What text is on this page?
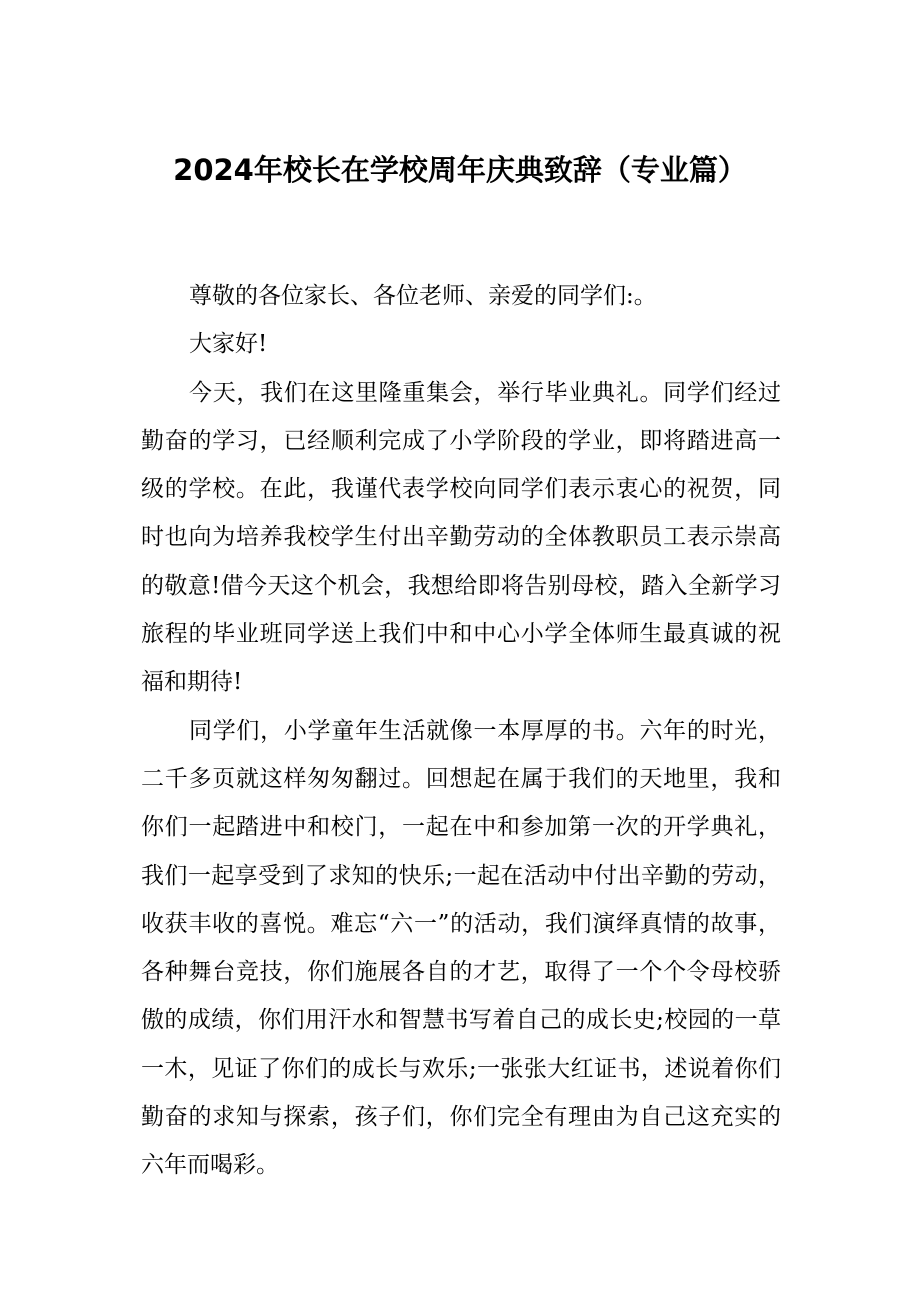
2024年校长在学校周年庆典致辞（专业篇）

尊敬的各位家长、各位老师、亲爱的同学们:。

大家好!

今天，我们在这里隆重集会，举行毕业典礼。同学们经过勤奋的学习，已经顺利完成了小学阶段的学业，即将踏进高一级的学校。在此，我谨代表学校向同学们表示衷心的祝贺，同时也向为培养我校学生付出辛勤劳动的全体教职员工表示崇高的敬意!借今天这个机会，我想给即将告别母校，踏入全新学习旅程的毕业班同学送上我们中和中心小学全体师生最真诚的祝福和期待!

同学们，小学童年生活就像一本厚厚的书。六年的时光，二千多页就这样匆匆翻过。回想起在属于我们的天地里，我和你们一起踏进中和校门，一起在中和参加第一次的开学典礼，我们一起享受到了求知的快乐;一起在活动中付出辛勤的劳动，收获丰收的喜悦。难忘“六一”的活动，我们演绎真情的故事，各种舞台竞技，你们施展各自的才艺，取得了一个个令母校骄傲的成绩，你们用汗水和智慧书写着自己的成长史;校园的一草一木，见证了你们的成长与欢乐;一张张大红证书，述说着你们勤奋的求知与探索，孩子们，你们完全有理由为自己这充实的六年而喝彩。
